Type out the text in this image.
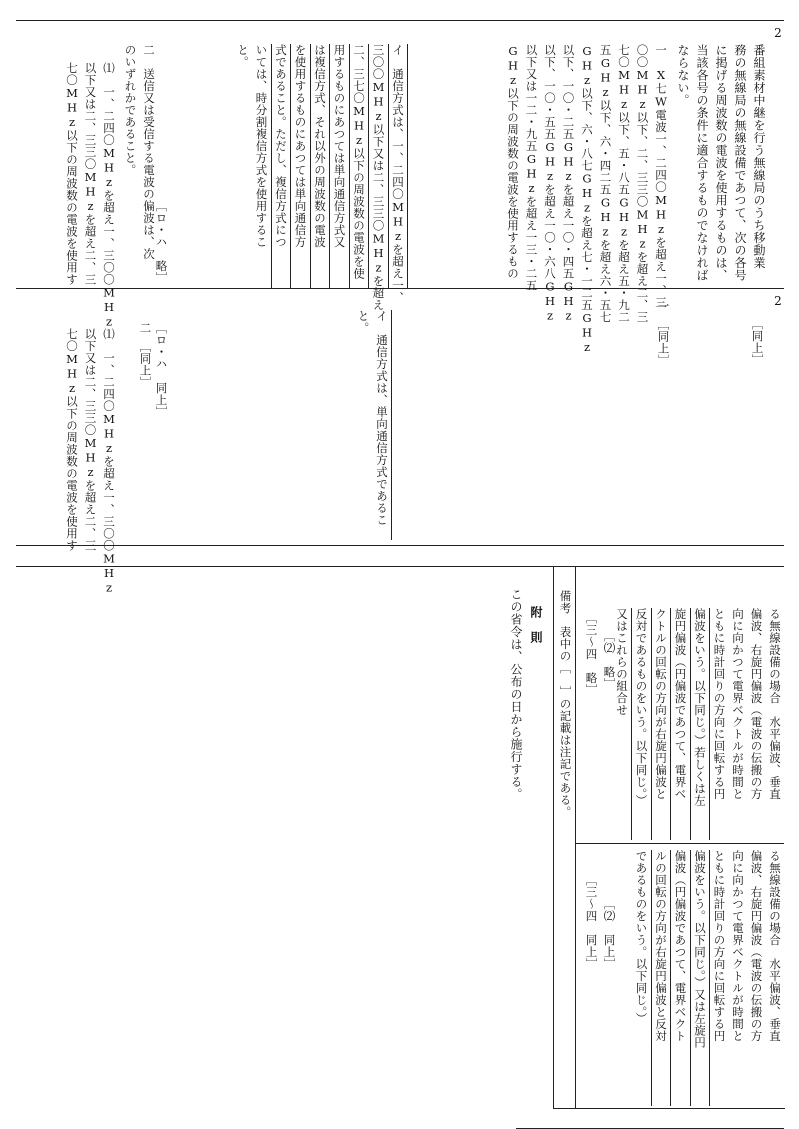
2
番組素材中継を行う無線局のうち移動業
務の無線局の無線設備であつて、次の各号
に掲げる周波数の電波を使用するものは、
当該各号の条件に適合するものでなければ
ならない。
一　X七W電波一、二四〇MHzを超え一、三
〇〇MHz以下、二、三三〇MHzを超え二、三
七〇MHz以下、五・八五GHzを超え五・九二
五GHz以下、六・四二五GHzを超え六・五七
GHz以下、六・八七GHzを超え七・一二五GHz
以下、一〇・二五GHzを超え一〇・四五GHz
以下、一〇・五五GHzを超え一〇・六八GHz
以下又は一二・九五GHzを超え一三・二五
GHz以下の周波数の電波を使用するもの
イ　通信方式は、一、二四〇MHzを超え一、
三〇〇MHz以下又は二、三三〇MHzを超え
二、三七〇MHz以下の周波数の電波を使
用するものにあつては単向通信方式又
は複信方式、それ以外の周波数の電波
を使用するものにあつては単向通信方
式であること。ただし、複信方式につ
いては、時分割複信方式を使用するこ
と。
［ロ・ハ　略］
二　送信又は受信する電波の偏波は、次
のいずれかであること。
⑴　一、二四〇MHzを超え一、三〇〇MHz
以下又は二、三三〇MHzを超え二、三
七〇MHz以下の周波数の電波を使用す
2
［同上］
一　［同上］
イ　通信方式は、単向通信方式であるこ
と。
［ロ・ハ　同上］
二　［同上］
⑴　一、二四〇MHzを超え一、三〇〇MHz
以下又は二、三三〇MHzを超え二、三
七〇MHz以下の周波数の電波を使用す
る無線設備の場合　水平偏波、垂直
偏波、右旋円偏波（電波の伝搬の方
向に向かつて電界ベクトルが時間と
ともに時計回りの方向に回転する円
偏波をいう。以下同じ。）若しくは左
旋円偏波（円偏波であつて、電界ベ
クトルの回転の方向が右旋円偏波と
反対であるものをいう。以下同じ。）
又はこれらの組合せ
［⑵　略］
［三～四　略］
る無線設備の場合　水平偏波、垂直
偏波、右旋円偏波（電波の伝搬の方
向に向かつて電界ベクトルが時間と
ともに時計回りの方向に回転する円
偏波をいう。以下同じ。）又は左旋円
偏波（円偏波であつて、電界ベクト
ルの回転の方向が右旋円偏波と反対
であるものをいう。以下同じ。）
［⑵　同上］
［三～四　同上］
備考　表中の［　］の記載は注記である。
附　則
この省令は、公布の日から施行する。
